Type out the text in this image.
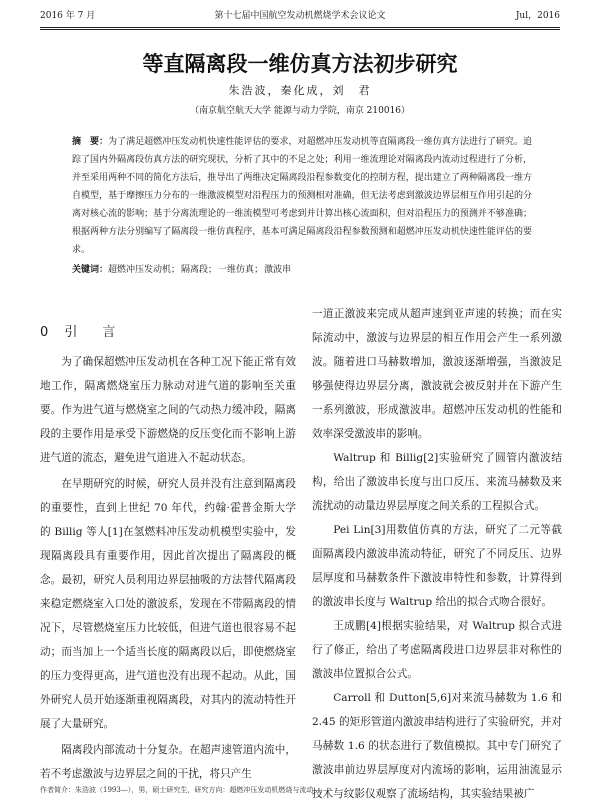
2016 年 7 月	第十七届中国航空发动机燃烧学术会议论文	Jul，2016
等直隔离段一维仿真方法初步研究
朱浩波，秦化成，刘　君
（南京航空航天大学 能源与动力学院，南京 210016）

摘　要：为了满足超燃冲压发动机快速性能评估的要求，对超燃冲压发动机等直隔离段一维仿真方法进行了研究。追踪了国内外隔离段仿真方法的研究现状，分析了其中的不足之处；利用一维流理论对隔离段内流动过程进行了分析，并至采用两种不同的简化方法后，推导出了两维决定隔离段沿程参数变化的控制方程，提出建立了两种隔离段一维方自模型，基于摩擦压力分布的一维激波模型对沿程压力的预测相对准确，但无法考虑到激波边界层相互作用引起的分离对核心流的影响；基于分离流理论的一维流模型可考虑到并计算出核心流面积，但对沿程压力的预测并不够准确；根据两种方法分别编写了隔离段一维仿真程序，基本可满足隔离段沿程参数预测和超燃冲压发动机快速性能评估的要求。

关键词：超燃冲压发动机；隔离段；一维仿真；激波串

0 引　言

为了确保超燃冲压发动机在各种工况下能正常有效地工作，隔离燃烧室压力脉动对进气道的影响至关重要。作为进气道与燃烧室之间的气动热力缓冲段，隔离段的主要作用是承受下游燃烧的反压变化而不影响上游进气道的流态，避免进气道进入不起动状态。

在早期研究的时候，研究人员并没有注意到隔离段的重要性，直到上世纪 70 年代，约翰·霍普金斯大学的 Billig 等人[1]在氢燃料冲压发动机模型实验中，发现隔离段具有重要作用，因此首次提出了隔离段的概念。最初，研究人员利用边界层抽吸的方法替代隔离段来稳定燃烧室入口处的激波系，发现在不带隔离段的情况下，尽管燃烧室压力比较低，但进气道也很容易不起动；而当加上一个适当长度的隔离段以后，即使燃烧室的压力变得更高，进气道也没有出现不起动。从此，国外研究人员开始逐渐重视隔离段，对其内的流动特性开展了大量研究。

隔离段内部流动十分复杂。在超声速管道内流中，若不考虑激波与边界层之间的干扰，将只产生

一道正激波来完成从超声速到亚声速的转换；而在实际流动中，激波与边界层的相互作用会产生一系列激波。随着进口马赫数增加，激波逐渐增强，当激波足够强使得边界层分离，激波就会被反射并在下游产生一系列激波，形成激波串。超燃冲压发动机的性能和效率深受激波串的影响。

Waltrup 和 Billig[2]实验研究了圆管内激波结构，给出了激波串长度与出口反压、来流马赫数及来流扰动的动量边界层厚度之间关系的工程拟合式。

Pei Lin[3]用数值仿真的方法，研究了二元等截面隔离段内激波串流动特征，研究了不同反压、边界层厚度和马赫数条件下激波串特性和参数，计算得到的激波串长度与 Waltrup 给出的拟合式吻合很好。

王成鹏[4]根据实验结果，对 Waltrup 拟合式进行了修正，给出了考虑隔离段进口边界层非对称性的激波串位置拟合公式。

Carroll 和 Dutton[5,6]对来流马赫数为 1.6 和 2.45 的矩形管道内激波串结构进行了实验研究，并对马赫数 1.6 的状态进行了数值模拟。其中专门研究了激波串前边界层厚度对内流场的影响，运用油流显示技术与纹影仪观察了流场结构，其实验结果被广

作者简介：朱浩波（1993—），男，硕士研究生，研究方向：超燃冲压发动机燃烧与流动 …
